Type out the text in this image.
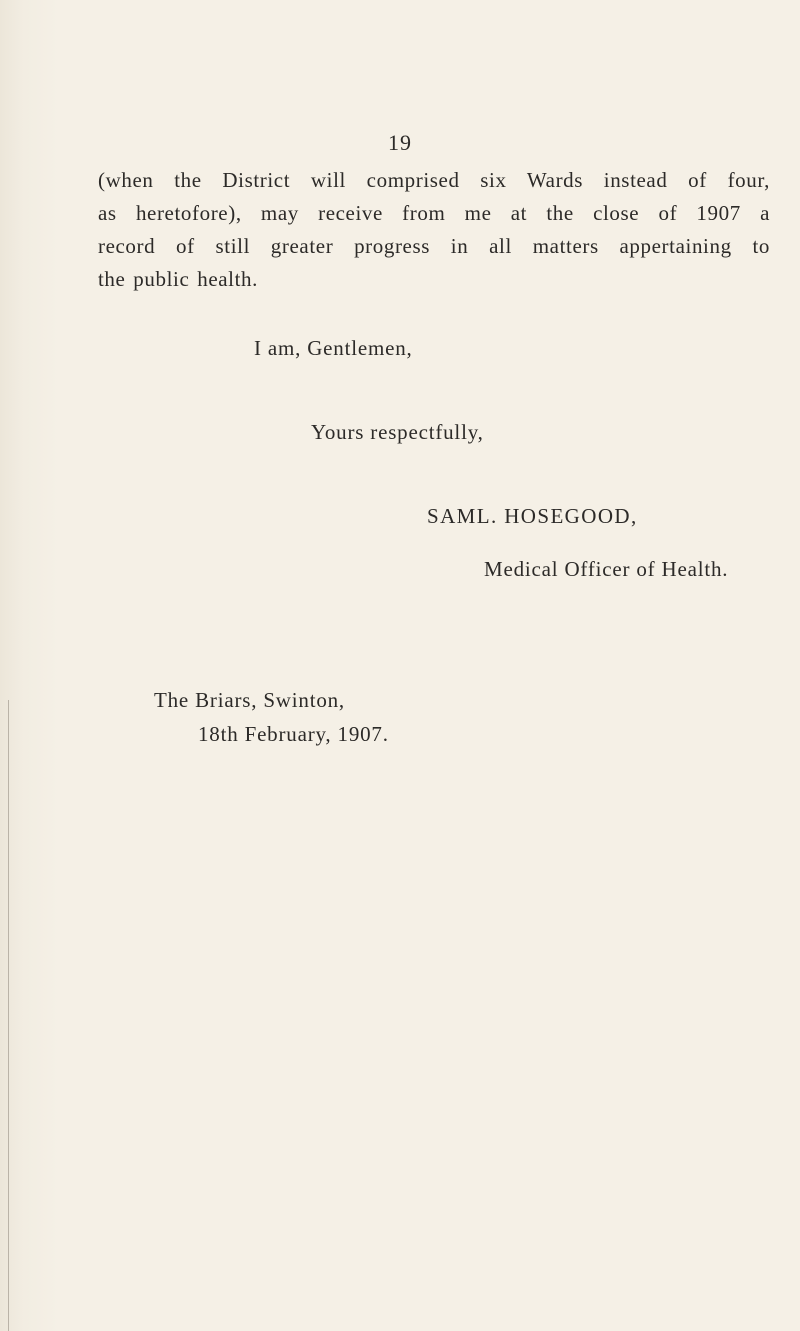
19
(when the District will comprised six Wards instead of four,
as heretofore), may receive from me at the close of 1907 a
record of still greater progress in all matters appertaining to
the public health.
I am, Gentlemen,
Yours respectfully,
SAML. HOSEGOOD,
Medical Officer of Health.
The Briars, Swinton,
18th February, 1907.
